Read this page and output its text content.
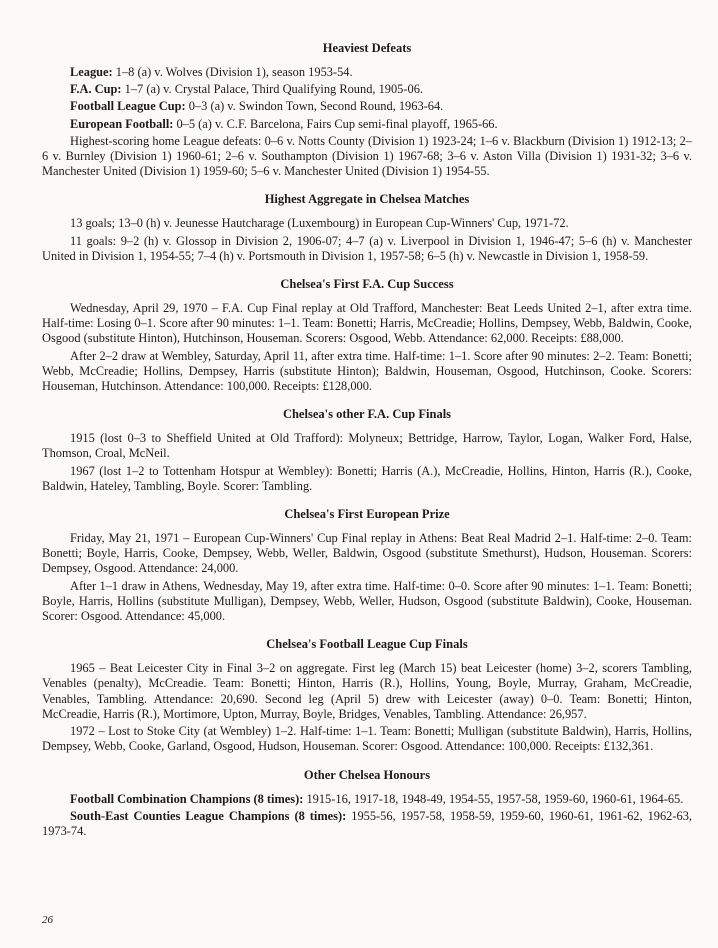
Heaviest Defeats

League: 1–8 (a) v. Wolves (Division 1), season 1953-54.

F.A. Cup: 1–7 (a) v. Crystal Palace, Third Qualifying Round, 1905-06.

Football League Cup: 0–3 (a) v. Swindon Town, Second Round, 1963-64.

European Football: 0–5 (a) v. C.F. Barcelona, Fairs Cup semi-final playoff, 1965-66.

Highest-scoring home League defeats: 0–6 v. Notts County (Division 1) 1923-24; 1–6 v. Blackburn (Division 1) 1912-13; 2–6 v. Burnley (Division 1) 1960-61; 2–6 v. Southampton (Division 1) 1967-68; 3–6 v. Aston Villa (Division 1) 1931-32; 3–6 v. Manchester United (Division 1) 1959-60; 5–6 v. Manchester United (Division 1) 1954-55.

Highest Aggregate in Chelsea Matches

13 goals; 13–0 (h) v. Jeunesse Hautcharage (Luxembourg) in European Cup-Winners' Cup, 1971-72.

11 goals: 9–2 (h) v. Glossop in Division 2, 1906-07; 4–7 (a) v. Liverpool in Division 1, 1946-47; 5–6 (h) v. Manchester United in Division 1, 1954-55; 7–4 (h) v. Portsmouth in Division 1, 1957-58; 6–5 (h) v. Newcastle in Division 1, 1958-59.

Chelsea's First F.A. Cup Success

Wednesday, April 29, 1970 – F.A. Cup Final replay at Old Trafford, Manchester: Beat Leeds United 2–1, after extra time. Half-time: Losing 0–1. Score after 90 minutes: 1–1. Team: Bonetti; Harris, McCreadie; Hollins, Dempsey, Webb, Baldwin, Cooke, Osgood (substitute Hinton), Hutchinson, Houseman. Scorers: Osgood, Webb. Attendance: 62,000. Receipts: £88,000.

After 2–2 draw at Wembley, Saturday, April 11, after extra time. Half-time: 1–1. Score after 90 minutes: 2–2. Team: Bonetti; Webb, McCreadie; Hollins, Dempsey, Harris (substitute Hinton); Baldwin, Houseman, Osgood, Hutchinson, Cooke. Scorers: Houseman, Hutchinson. Attendance: 100,000. Receipts: £128,000.

Chelsea's other F.A. Cup Finals

1915 (lost 0–3 to Sheffield United at Old Trafford): Molyneux; Bettridge, Harrow, Taylor, Logan, Walker Ford, Halse, Thomson, Croal, McNeil.

1967 (lost 1–2 to Tottenham Hotspur at Wembley): Bonetti; Harris (A.), McCreadie, Hollins, Hinton, Harris (R.), Cooke, Baldwin, Hateley, Tambling, Boyle. Scorer: Tambling.

Chelsea's First European Prize

Friday, May 21, 1971 – European Cup-Winners' Cup Final replay in Athens: Beat Real Madrid 2–1. Half-time: 2–0. Team: Bonetti; Boyle, Harris, Cooke, Dempsey, Webb, Weller, Baldwin, Osgood (substitute Smethurst), Hudson, Houseman. Scorers: Dempsey, Osgood. Attendance: 24,000.

After 1–1 draw in Athens, Wednesday, May 19, after extra time. Half-time: 0–0. Score after 90 minutes: 1–1. Team: Bonetti; Boyle, Harris, Hollins (substitute Mulligan), Dempsey, Webb, Weller, Hudson, Osgood (substitute Baldwin), Cooke, Houseman. Scorer: Osgood. Attendance: 45,000.

Chelsea's Football League Cup Finals

1965 – Beat Leicester City in Final 3–2 on aggregate. First leg (March 15) beat Leicester (home) 3–2, scorers Tambling, Venables (penalty), McCreadie. Team: Bonetti; Hinton, Harris (R.), Hollins, Young, Boyle, Murray, Graham, McCreadie, Venables, Tambling. Attendance: 20,690. Second leg (April 5) drew with Leicester (away) 0–0. Team: Bonetti; Hinton, McCreadie, Harris (R.), Mortimore, Upton, Murray, Boyle, Bridges, Venables, Tambling. Attendance: 26,957.

1972 – Lost to Stoke City (at Wembley) 1–2. Half-time: 1–1. Team: Bonetti; Mulligan (substitute Baldwin), Harris, Hollins, Dempsey, Webb, Cooke, Garland, Osgood, Hudson, Houseman. Scorer: Osgood. Attendance: 100,000. Receipts: £132,361.

Other Chelsea Honours

Football Combination Champions (8 times): 1915-16, 1917-18, 1948-49, 1954-55, 1957-58, 1959-60, 1960-61, 1964-65.

South-East Counties League Champions (8 times): 1955-56, 1957-58, 1958-59, 1959-60, 1960-61, 1961-62, 1962-63, 1973-74.

26
